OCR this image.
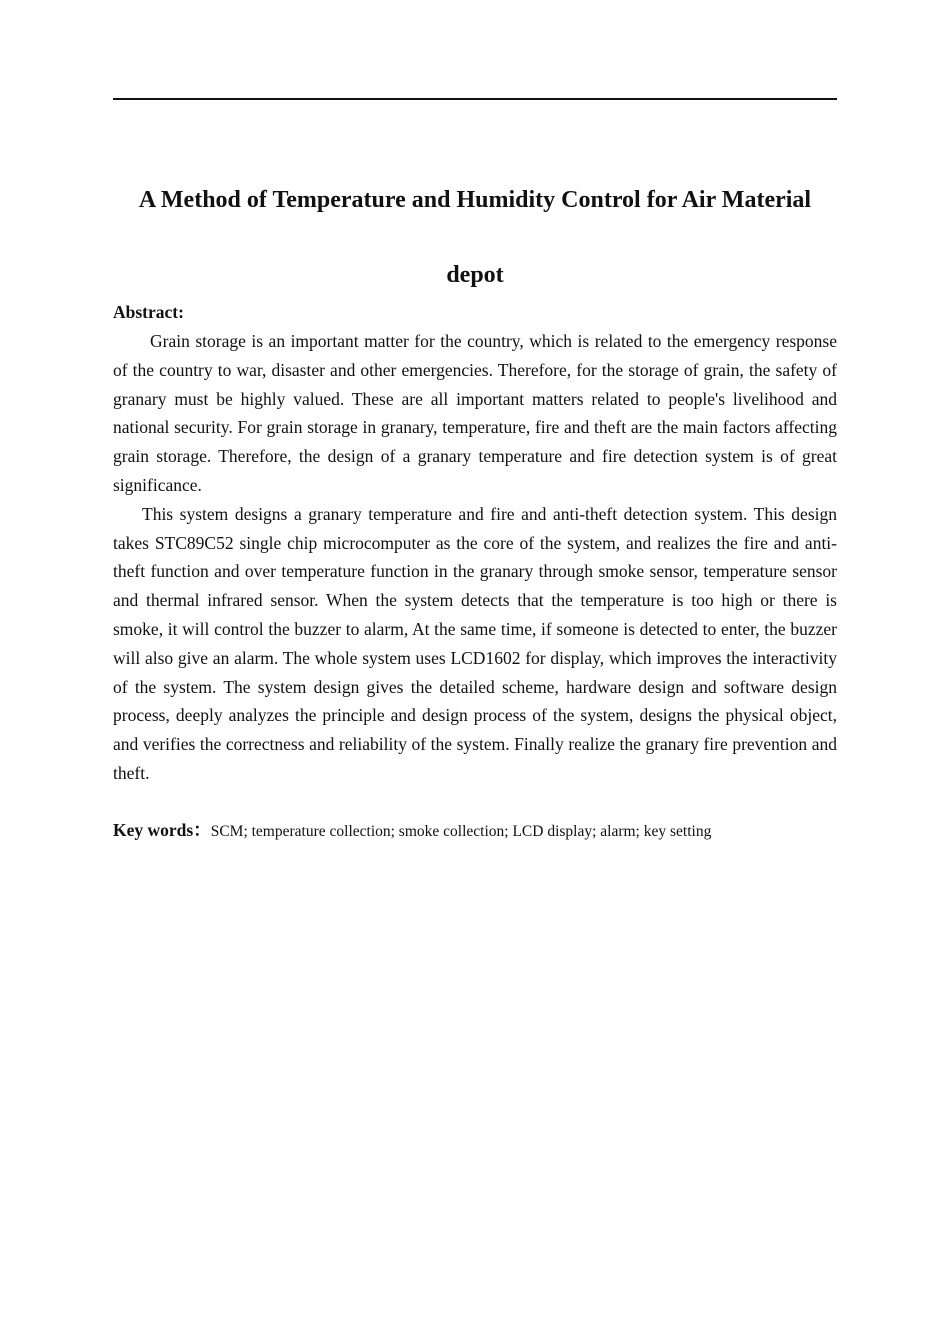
A Method of Temperature and Humidity Control for Air Material
depot

Abstract:

Grain storage is an important matter for the country, which is related to the emergency response of the country to war, disaster and other emergencies. Therefore, for the storage of grain, the safety of granary must be highly valued. These are all important matters related to people's livelihood and national security. For grain storage in granary, temperature, fire and theft are the main factors affecting grain storage. Therefore, the design of a granary temperature and fire detection system is of great significance.

This system designs a granary temperature and fire and anti-theft detection system. This design takes STC89C52 single chip microcomputer as the core of the system, and realizes the fire and anti-theft function and over temperature function in the granary through smoke sensor, temperature sensor and thermal infrared sensor. When the system detects that the temperature is too high or there is smoke, it will control the buzzer to alarm, At the same time, if someone is detected to enter, the buzzer will also give an alarm. The whole system uses LCD1602 for display, which improves the interactivity of the system. The system design gives the detailed scheme, hardware design and software design process, deeply analyzes the principle and design process of the system, designs the physical object, and verifies the correctness and reliability of the system. Finally realize the granary fire prevention and theft.

Key words：SCM; temperature collection; smoke collection; LCD display; alarm; key setting
